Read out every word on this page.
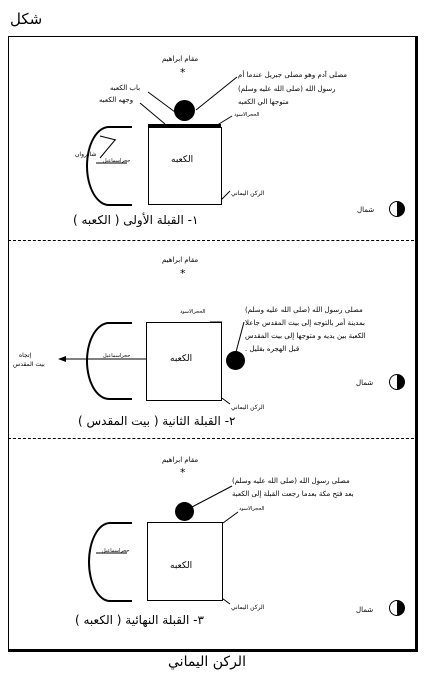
شكل
الركن اليماني
مقام ابراهيم
*	مصلى آدم وهو مصلى جبريل عندما أم
رسول الله (صلى الله عليه وسلم)
متوجها الي الكعبه
باب الكعبه
وجهه الكعبه
الحجرالاسود
الكعبه
شاذروان
حجراسماعيل
الركن اليماني
شمال
١- القبلة الأولى ( الكعبه )
مقام ابراهيم
*
مصلى رسول الله (صلى الله عليه وسلم)
بمدينة أمر بالتوجه إلى بيت المقدس جاعلا
الكعبة بين يديه و متوجها إلى بيت المقدس
قبل الهجره بقليل .
الحجرالاسود
الكعبه
حجراسماعيل
إتجاه
بيت المقدس
الركن اليماني
شمال
٢- القبلة الثانية ( بيت المقدس )
مقام ابراهيم
*
مصلى رسول الله (صلى الله عليه وسلم)
بعد فتح مكة بعدما رجعت القبلة إلى الكعبة
الحجرالاسود
الكعبه
حجراسماعيل
الركن اليماني	شمال
٣- القبلة النهائية ( الكعبه )
